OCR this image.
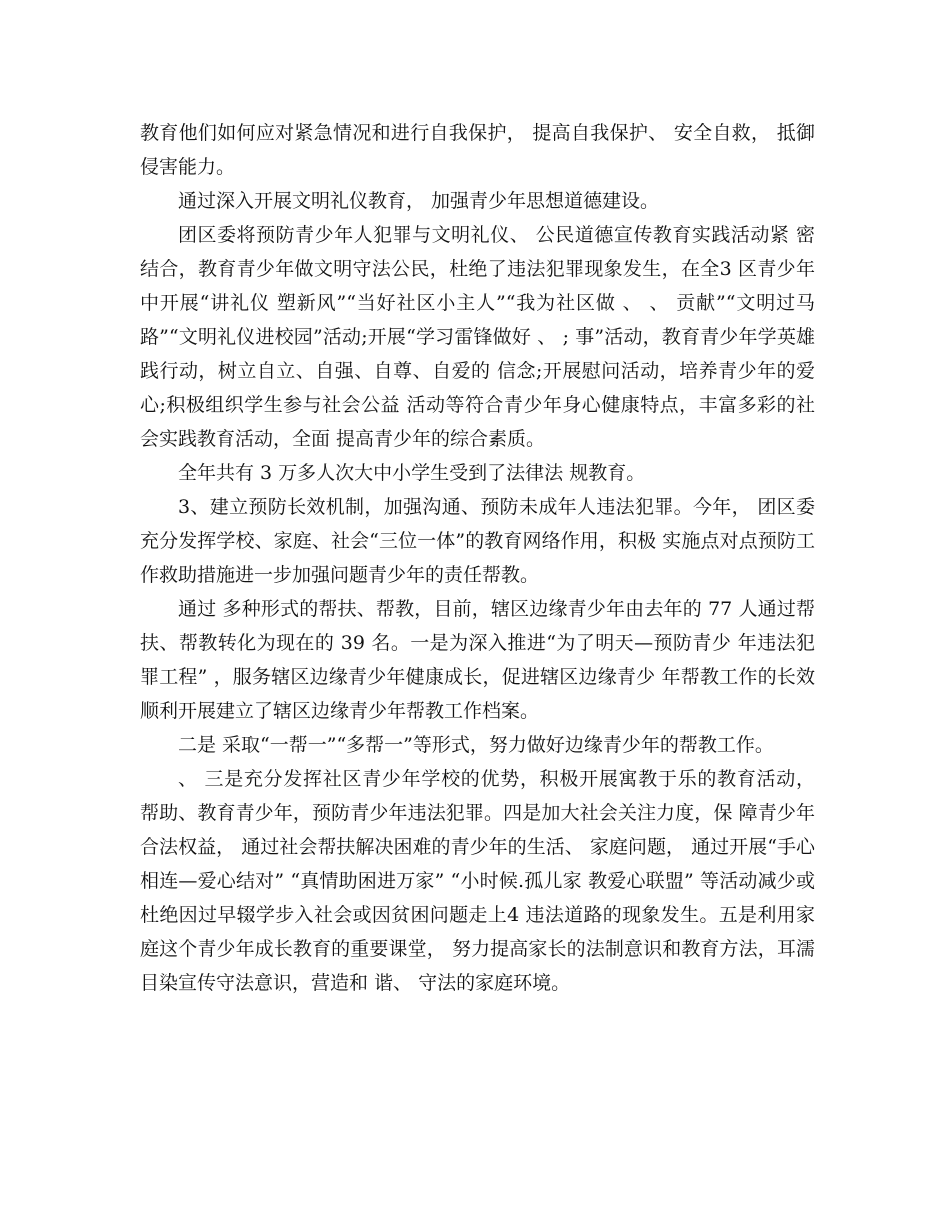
教育他们如何应对紧急情况和进行自我保护， 提高自我保护、 安全自救， 抵御侵害能力。

通过深入开展文明礼仪教育， 加强青少年思想道德建设。

团区委将预防青少年人犯罪与文明礼仪、 公民道德宣传教育实践活动紧 密结合，教育青少年做文明守法公民，杜绝了违法犯罪现象发生，在全3 区青少年中开展“讲礼仪 塑新风”“当好社区小主人”“我为社区做 、 、 贡献”“文明过马路”“文明礼仪进校园”活动;开展“学习雷锋做好 、 ; 事”活动，教育青少年学英雄践行动，树立自立、自强、自尊、自爱的 信念;开展慰问活动，培养青少年的爱心;积极组织学生参与社会公益 活动等符合青少年身心健康特点，丰富多彩的社会实践教育活动，全面 提高青少年的综合素质。

全年共有 3 万多人次大中小学生受到了法律法 规教育。

3、建立预防长效机制，加强沟通、预防未成年人违法犯罪。今年， 团区委充分发挥学校、家庭、社会“三位一体”的教育网络作用，积极 实施点对点预防工作救助措施进一步加强问题青少年的责任帮教。

通过 多种形式的帮扶、帮教，目前，辖区边缘青少年由去年的 77 人通过帮扶、帮教转化为现在的 39 名。一是为深入推进“为了明天—预防青少 年违法犯罪工程” ，服务辖区边缘青少年健康成长，促进辖区边缘青少 年帮教工作的长效顺利开展建立了辖区边缘青少年帮教工作档案。

二是 采取“一帮一”“多帮一”等形式，努力做好边缘青少年的帮教工作。

、 三是充分发挥社区青少年学校的优势，积极开展寓教于乐的教育活动， 帮助、教育青少年，预防青少年违法犯罪。四是加大社会关注力度，保 障青少年合法权益， 通过社会帮扶解决困难的青少年的生活、 家庭问题， 通过开展“手心相连—爱心结对” “真情助困进万家” “小时候.孤儿家 教爱心联盟” 等活动减少或杜绝因过早辍学步入社会或因贫困问题走上4 违法道路的现象发生。五是利用家庭这个青少年成长教育的重要课堂， 努力提高家长的法制意识和教育方法，耳濡目染宣传守法意识，营造和 谐、 守法的家庭环境。
